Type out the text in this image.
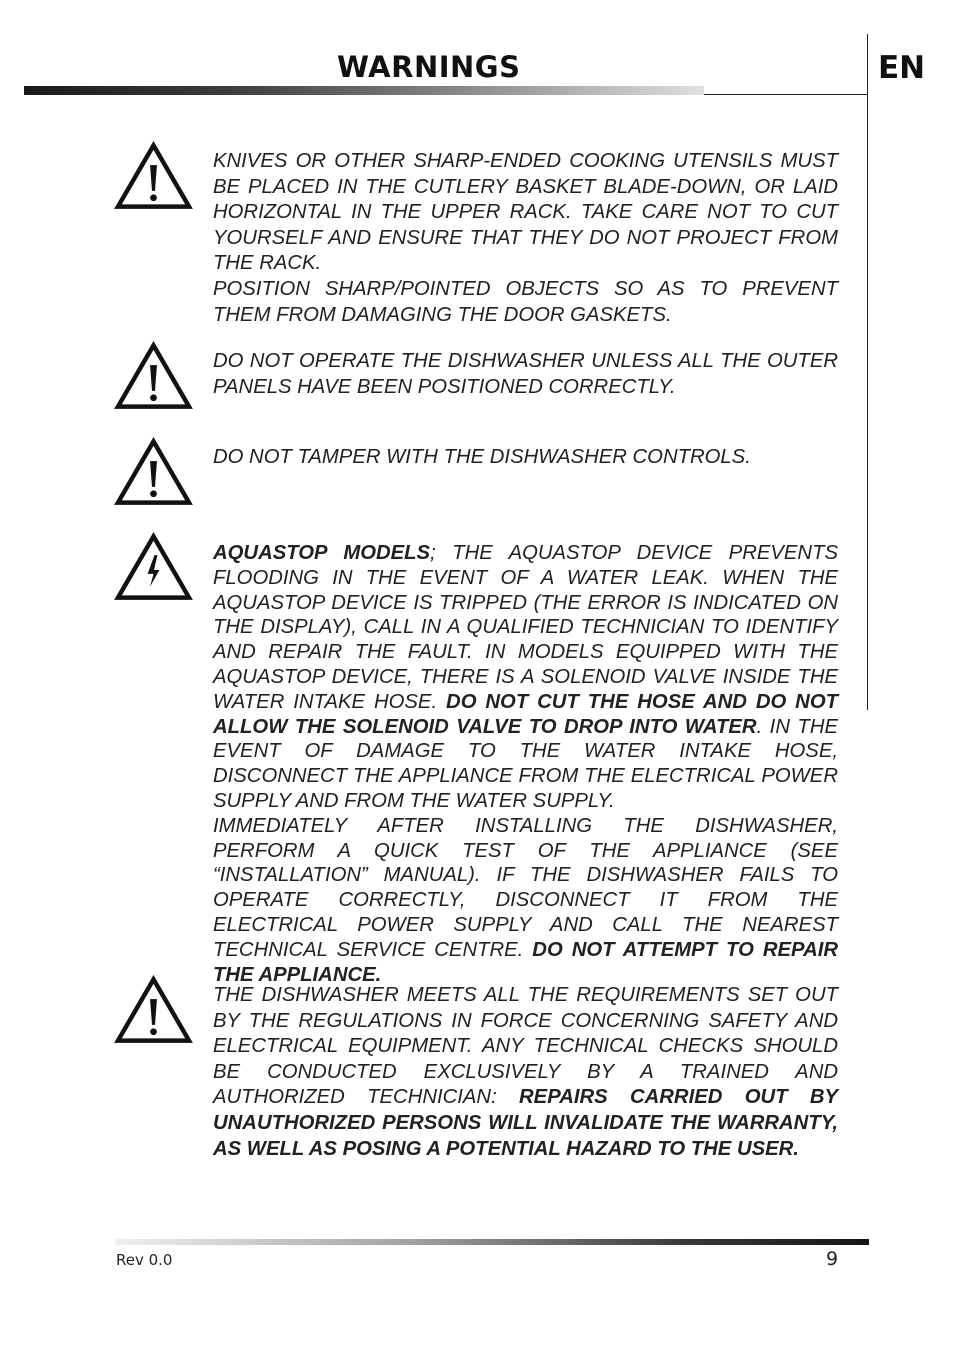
WARNINGS	EN

KNIVES OR OTHER SHARP-ENDED COOKING UTENSILS MUST BE PLACED IN THE CUTLERY BASKET BLADE-DOWN, OR LAID HORIZONTAL IN THE UPPER RACK. TAKE CARE NOT TO CUT YOURSELF AND ENSURE THAT THEY DO NOT PROJECT FROM THE RACK.

POSITION SHARP/POINTED OBJECTS SO AS TO PREVENT THEM FROM DAMAGING THE DOOR GASKETS.

DO NOT OPERATE THE DISHWASHER UNLESS ALL THE OUTER PANELS HAVE BEEN POSITIONED CORRECTLY.

DO NOT TAMPER WITH THE DISHWASHER CONTROLS.

AQUASTOP MODELS; THE AQUASTOP DEVICE PREVENTS FLOODING IN THE EVENT OF A WATER LEAK. WHEN THE AQUASTOP DEVICE IS TRIPPED (THE ERROR IS INDICATED ON THE DISPLAY), CALL IN A QUALIFIED TECHNICIAN TO IDENTIFY AND REPAIR THE FAULT. IN MODELS EQUIPPED WITH THE AQUASTOP DEVICE, THERE IS A SOLENOID VALVE INSIDE THE WATER INTAKE HOSE. DO NOT CUT THE HOSE AND DO NOT ALLOW THE SOLENOID VALVE TO DROP INTO WATER. IN THE EVENT OF DAMAGE TO THE WATER INTAKE HOSE, DISCONNECT THE APPLIANCE FROM THE ELECTRICAL POWER SUPPLY AND FROM THE WATER SUPPLY.

IMMEDIATELY AFTER INSTALLING THE DISHWASHER, PERFORM A QUICK TEST OF THE APPLIANCE (SEE “INSTALLATION” MANUAL). IF THE DISHWASHER FAILS TO OPERATE CORRECTLY, DISCONNECT IT FROM THE ELECTRICAL POWER SUPPLY AND CALL THE NEAREST TECHNICAL SERVICE CENTRE. DO NOT ATTEMPT TO REPAIR THE APPLIANCE.

THE DISHWASHER MEETS ALL THE REQUIREMENTS SET OUT BY THE REGULATIONS IN FORCE CONCERNING SAFETY AND ELECTRICAL EQUIPMENT. ANY TECHNICAL CHECKS SHOULD BE CONDUCTED EXCLUSIVELY BY A TRAINED AND AUTHORIZED TECHNICIAN: REPAIRS CARRIED OUT BY UNAUTHORIZED PERSONS WILL INVALIDATE THE WARRANTY, AS WELL AS POSING A POTENTIAL HAZARD TO THE USER.

Rev 0.0	9
